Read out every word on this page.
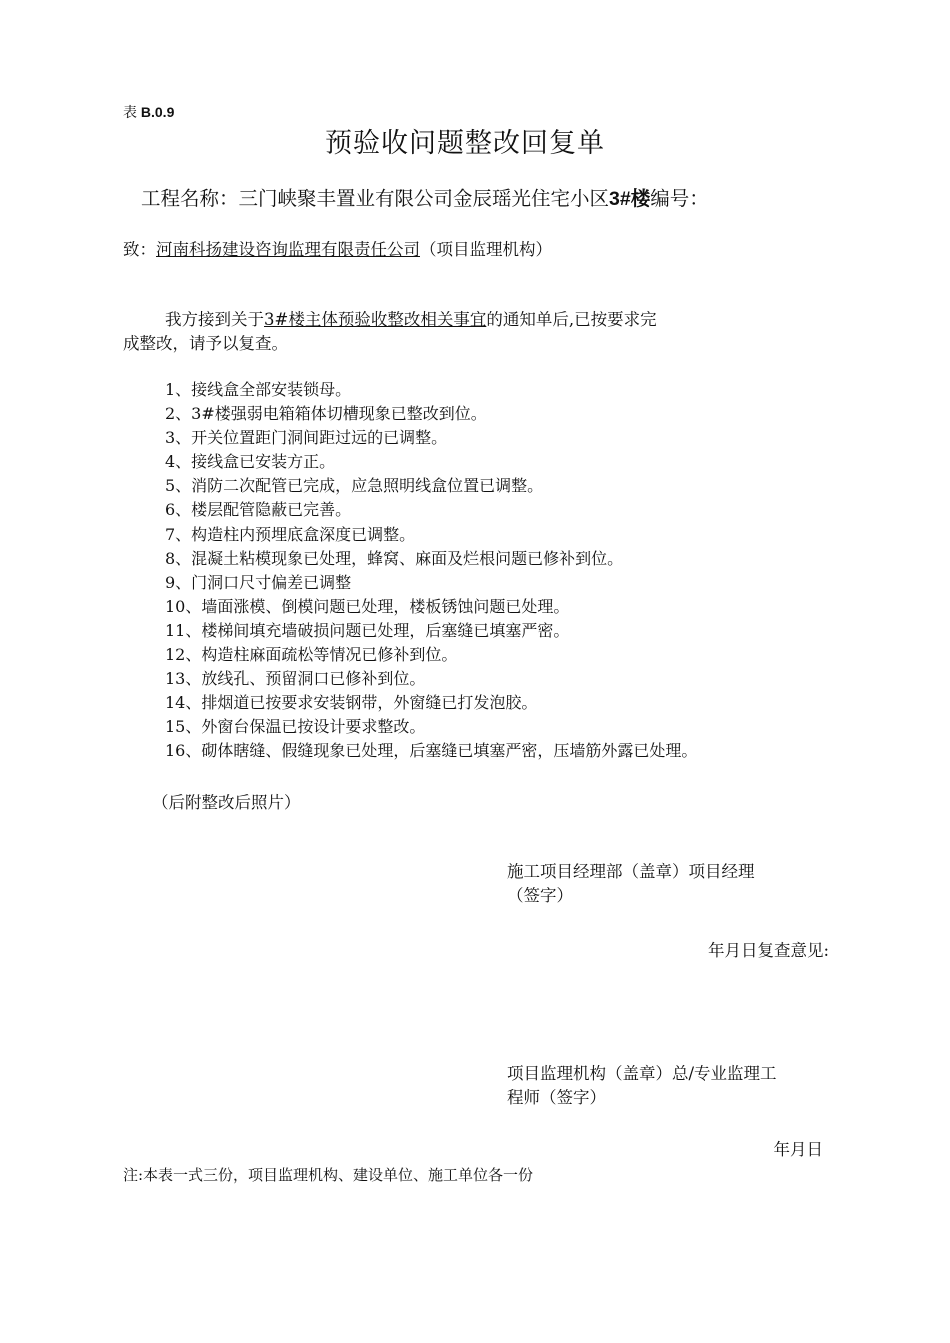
表 B.0.9
预验收问题整改回复单
工程名称：三门峡聚丰置业有限公司金辰瑶光住宅小区3#楼编号：
致：河南科扬建设咨询监理有限责任公司（项目监理机构）
我方接到关于3#楼主体预验收整改相关事宜的通知单后,已按要求完
成整改，请予以复查。
1、接线盒全部安装锁母。
2、3#楼强弱电箱箱体切槽现象已整改到位。
3、开关位置距门洞间距过远的已调整。
4、接线盒已安装方正。
5、消防二次配管已完成，应急照明线盒位置已调整。
6、楼层配管隐蔽已完善。
7、构造柱内预埋底盒深度已调整。
8、混凝土粘模现象已处理，蜂窝、麻面及烂根问题已修补到位。
9、门洞口尺寸偏差已调整
10、墙面涨模、倒模问题已处理，楼板锈蚀问题已处理。
11、楼梯间填充墙破损问题已处理，后塞缝已填塞严密。
12、构造柱麻面疏松等情况已修补到位。
13、放线孔、预留洞口已修补到位。
14、排烟道已按要求安装钢带，外窗缝已打发泡胶。
15、外窗台保温已按设计要求整改。
16、砌体瞎缝、假缝现象已处理，后塞缝已填塞严密，压墙筋外露已处理。
（后附整改后照片）
施工项目经理部（盖章）项目经理
（签字）
年月日复查意见:
项目监理机构（盖章）总/专业监理工
程师（签字）
年月日
注:本表一式三份，项目监理机构、建设单位、施工单位各一份
